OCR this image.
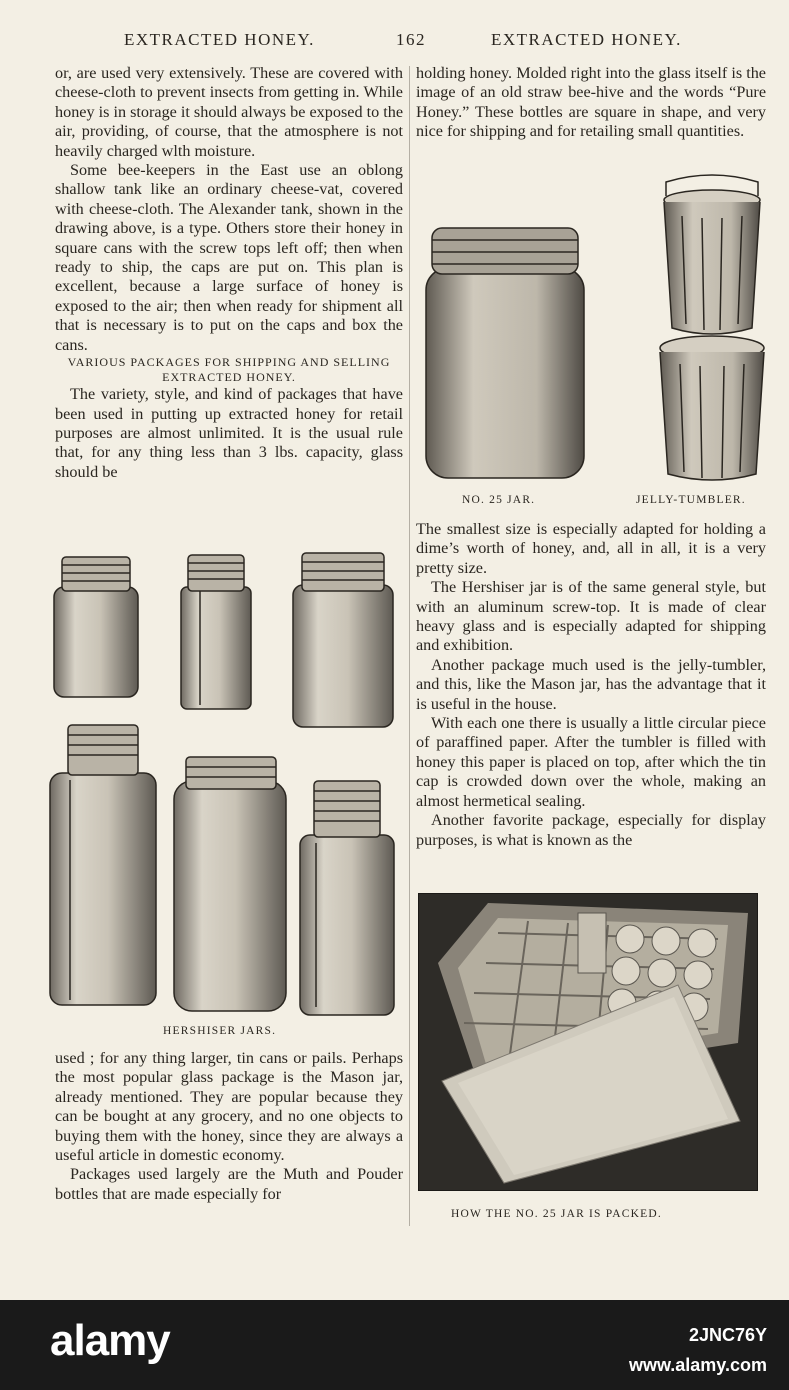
EXTRACTED HONEY.	162	EXTRACTED HONEY.

or, are used very extensively. These are covered with cheese-cloth to prevent insects from getting in. While honey is in storage it should always be exposed to the air, providing, of course, that the atmosphere is not heavily charged wlth moisture.

Some bee-keepers in the East use an oblong shallow tank like an ordinary cheese-vat, covered with cheese-cloth. The Alexander tank, shown in the drawing above, is a type. Others store their honey in square cans with the screw tops left off; then when ready to ship, the caps are put on. This plan is excellent, because a large surface of honey is exposed to the air; then when ready for shipment all that is necessary is to put on the caps and box the cans.

VARIOUS PACKAGES FOR SHIPPING AND SELLING EXTRACTED HONEY.

The variety, style, and kind of packages that have been used in putting up extracted honey for retail purposes are almost unlimited. It is the usual rule that, for any thing less than 3 lbs. capacity, glass should be

HERSHISER JARS.

used ; for any thing larger, tin cans or pails. Perhaps the most popular glass package is the Mason jar, already mentioned. They are popular because they can be bought at any grocery, and no one objects to buying them with the honey, since they are always a useful article in domestic economy.

Packages used largely are the Muth and Pouder bottles that are made especially for

holding honey. Molded right into the glass itself is the image of an old straw bee-hive and the words “Pure Honey.” These bottles are square in shape, and very nice for shipping and for retailing small quantities.

NO. 25 JAR.	JELLY-TUMBLER.

The smallest size is especially adapted for holding a dime’s worth of honey, and, all in all, it is a very pretty size.

The Hershiser jar is of the same general style, but with an aluminum screw-top. It is made of clear heavy glass and is especially adapted for shipping and exhibition.

Another package much used is the jelly-tumbler, and this, like the Mason jar, has the advantage that it is useful in the house.

With each one there is usually a little circular piece of paraffined paper. After the tumbler is filled with honey this paper is placed on top, after which the tin cap is crowded down over the whole, making an almost hermetical sealing.

Another favorite package, especially for display purposes, is what is known as the

HOW THE NO. 25 JAR IS PACKED.
alamy	2JNC76Y
www.alamy.com
